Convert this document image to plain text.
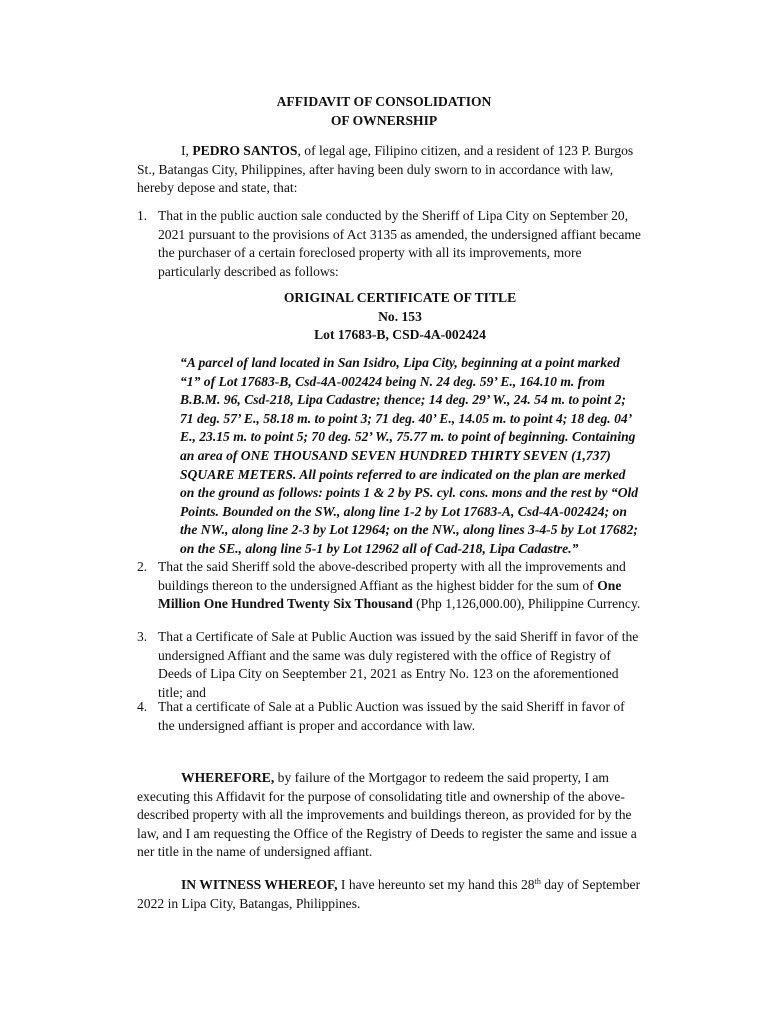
AFFIDAVIT OF CONSOLIDATION
OF OWNERSHIP

I, PEDRO SANTOS, of legal age, Filipino citizen, and a resident of 123 P. Burgos St., Batangas City, Philippines, after having been duly sworn to in accordance with law, hereby depose and state, that:

1. That in the public auction sale conducted by the Sheriff of Lipa City on September 20, 2021 pursuant to the provisions of Act 3135 as amended, the undersigned affiant became the purchaser of a certain foreclosed property with all its improvements, more particularly described as follows:

ORIGINAL CERTIFICATE OF TITLE
No. 153
Lot 17683-B, CSD-4A-002424

“A parcel of land located in San Isidro, Lipa City, beginning at a point marked “1” of Lot 17683-B, Csd-4A-002424 being N. 24 deg. 59’ E., 164.10 m. from B.B.M. 96, Csd-218, Lipa Cadastre; thence; 14 deg. 29’ W., 24. 54 m. to point 2; 71 deg. 57’ E., 58.18 m. to point 3; 71 deg. 40’ E., 14.05 m. to point 4; 18 deg. 04’ E., 23.15 m. to point 5; 70 deg. 52’ W., 75.77 m. to point of beginning. Containing an area of ONE THOUSAND SEVEN HUNDRED THIRTY SEVEN (1,737) SQUARE METERS. All points referred to are indicated on the plan are merked on the ground as follows: points 1 & 2 by PS. cyl. cons. mons and the rest by “Old Points. Bounded on the SW., along line 1-2 by Lot 17683-A, Csd-4A-002424; on the NW., along line 2-3 by Lot 12964; on the NW., along lines 3-4-5 by Lot 17682; on the SE., along line 5-1 by Lot 12962 all of Cad-218, Lipa Cadastre.”

2. That the said Sheriff sold the above-described property with all the improvements and buildings thereon to the undersigned Affiant as the highest bidder for the sum of One Million One Hundred Twenty Six Thousand (Php 1,126,000.00), Philippine Currency.

3. That a Certificate of Sale at Public Auction was issued by the said Sheriff in favor of the undersigned Affiant and the same was duly registered with the office of Registry of Deeds of Lipa City on Seeptember 21, 2021 as Entry No. 123 on the aforementioned title; and

4. That a certificate of Sale at a Public Auction was issued by the said Sheriff in favor of the undersigned affiant is proper and accordance with law.

WHEREFORE, by failure of the Mortgagor to redeem the said property, I am executing this Affidavit for the purpose of consolidating title and ownership of the above-described property with all the improvements and buildings thereon, as provided for by the law, and I am requesting the Office of the Registry of Deeds to register the same and issue a ner title in the name of undersigned affiant.

IN WITNESS WHEREOF, I have hereunto set my hand this 28th day of September 2022 in Lipa City, Batangas, Philippines.
